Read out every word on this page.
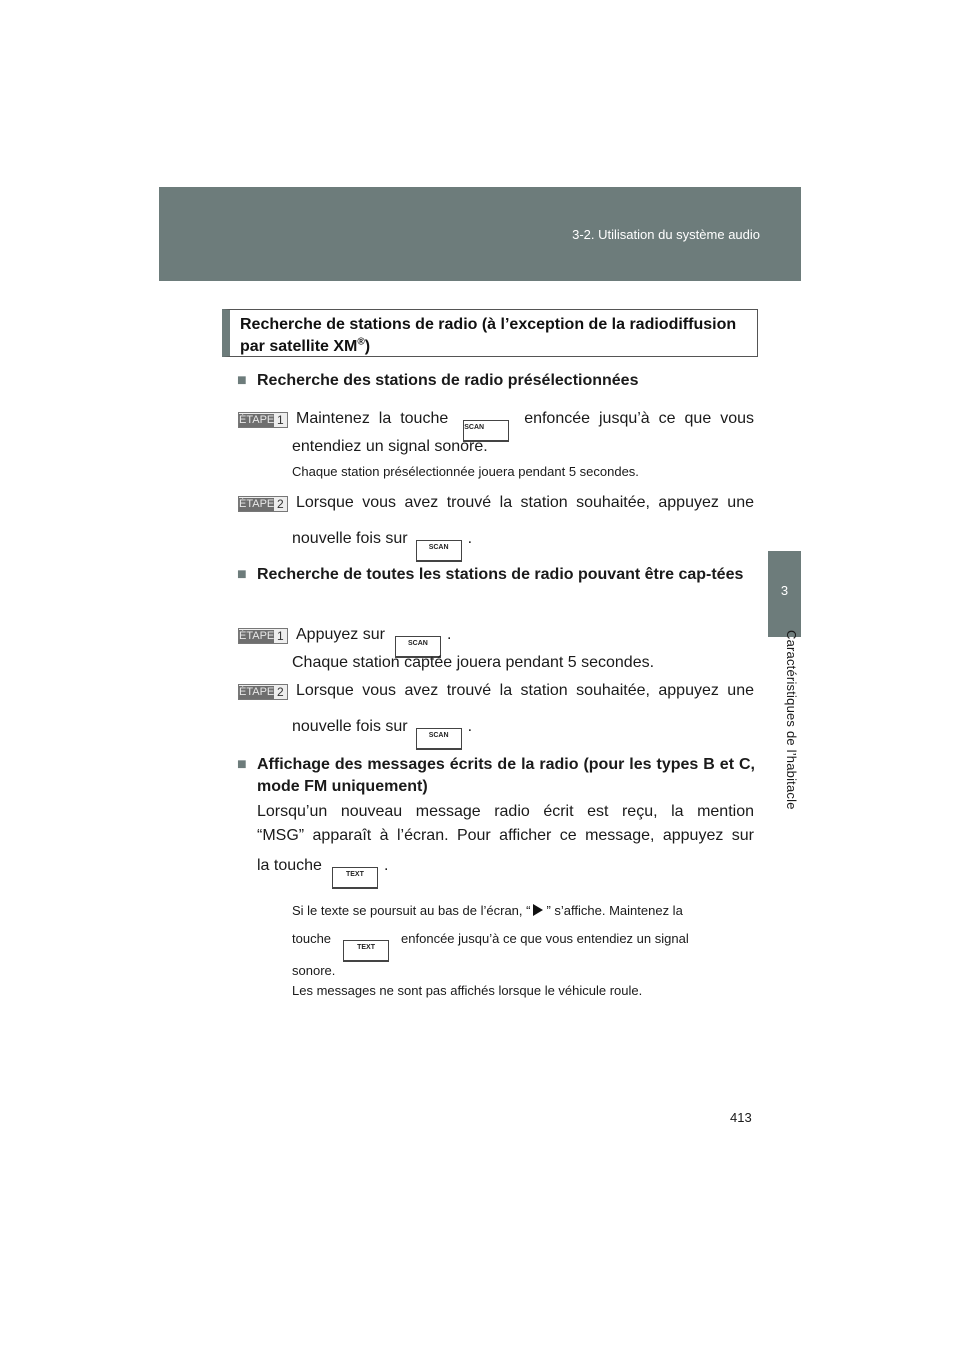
3-2. Utilisation du système audio
3
Caractéristiques de l’habitacle
Recherche de stations de radio (à l’exception de la radiodiffusion
par satellite XM®)
■ Recherche des stations de radio présélectionnées
ÉTAPE 1 Maintenez la touche SCAN enfoncée jusqu’à ce que vous
entendiez un signal sonore.
Chaque station présélectionnée jouera pendant 5 secondes.
ÉTAPE 2 Lorsque vous avez trouvé la station souhaitée, appuyez une
nouvelle fois surSCAN.
■ Recherche de toutes les stations de radio pouvant être cap-tées
ÉTAPE 1 Appuyez surSCAN.
Chaque station captée jouera pendant 5 secondes.
ÉTAPE 2 Lorsque vous avez trouvé la station souhaitée, appuyez une
nouvelle fois surSCAN.
■ Affichage des messages écrits de la radio (pour les types B et C, mode FM uniquement)
Lorsqu’un nouveau message radio écrit est reçu, la mention
“MSG” apparaît à l’écran. Pour afficher ce message, appuyez sur
la toucheTEXT.
Si le texte se poursuit au bas de l’écran, “ ” s’affiche. Maintenez la
toucheTEXTenfoncée jusqu’à ce que vous entendiez un signal
sonore.
Les messages ne sont pas affichés lorsque le véhicule roule.
413
